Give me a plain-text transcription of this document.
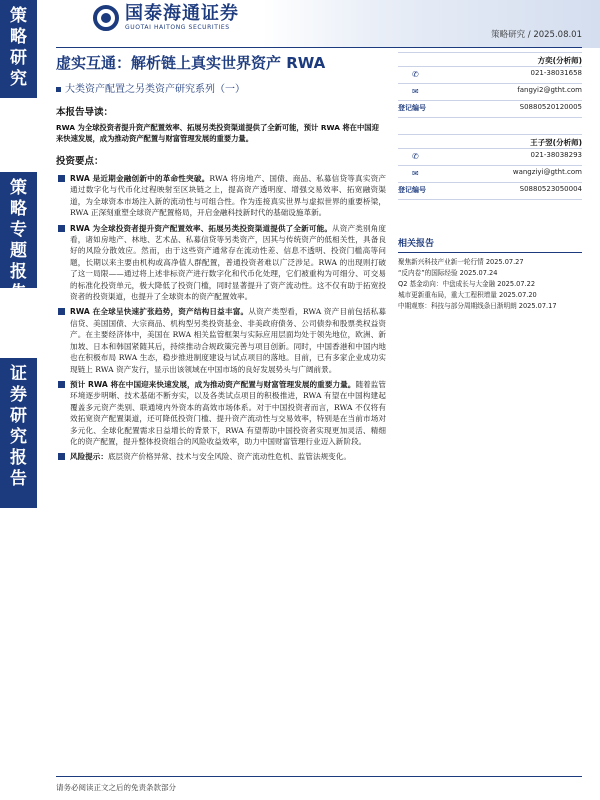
策
略
研
究
策
略
专
题
报
告
证
券
研
究
报
告
国泰海通证券
GUOTAI HAITONG SECURITIES
策略研究 / 2025.08.01
虚实互通：解析链上真实世界资产 RWA
大类资产配置之另类资产研究系列（一）
本报告导读：
RWA 为全球投资者提升资产配置效率、拓展另类投资渠道提供了全新可能，预计 RWA 将在中国迎来快速发展，成为推动资产配置与财富管理发展的重要力量。
投资要点：
RWA 是近期金融创新中的革命性突破。RWA 将房地产、国债、商品、私募信贷等真实资产通过数字化与代币化过程映射至区块链之上，提高资产透明度、增强交易效率、拓宽融资渠道，为全球资本市场注入新的流动性与可组合性。作为连接真实世界与虚拟世界的重要桥梁，RWA 正深刻重塑全球资产配置格局，开启金融科技新时代的基础设施革新。
RWA 为全球投资者提升资产配置效率、拓展另类投资渠道提供了全新可能。从资产类别角度看，诸如房地产、林地、艺术品、私募信贷等另类资产，因其与传统资产的低相关性，具备良好的风险分散效应。然而，由于这些资产通常存在流动性差、信息不透明、投资门槛高等问题，长期以来主要由机构或高净值人群配置，普通投资者难以广泛涉足。RWA 的出现则打破了这一局限——通过将上述非标资产进行数字化和代币化处理，它们被重构为可细分、可交易的标准化投资单元，极大降低了投资门槛，同时显著提升了资产流动性。这不仅有助于拓宽投资者的投资渠道，也提升了全球资本的资产配置效率。
RWA 在全球呈快速扩张趋势，资产结构日益丰富。从资产类型看，RWA 资产目前包括私募信贷、美国国债、大宗商品、机构型另类投资基金、非美政府债务、公司债券和股票类权益资产。在主要经济体中，美国在 RWA 相关监管框架与实际应用层面均处于领先地位，欧洲、新加坡、日本和韩国紧随其后，持续推动合规政策完善与项目创新。同时，中国香港和中国内地也在积极布局 RWA 生态，稳步推进制度建设与试点项目的落地。目前，已有多家企业成功实现链上 RWA 资产发行，显示出该领域在中国市场的良好发展势头与广阔前景。
预计 RWA 将在中国迎来快速发展，成为推动资产配置与财富管理发展的重要力量。随着监管环境逐步明晰、技术基础不断夯实，以及各类试点项目的积极推进，RWA 有望在中国构建起覆盖多元资产类别、联通境内外资本的高效市场体系。对于中国投资者而言，RWA 不仅将有效拓宽资产配置渠道，还可降低投资门槛、提升资产流动性与交易效率，特别是在当前市场对多元化、全球化配置需求日益增长的背景下，RWA 有望帮助中国投资者实现更加灵活、精细化的资产配置，提升整体投资组合的风险收益效率，助力中国财富管理行业迈入新阶段。
风险提示：底层资产价格异常、技术与安全风险、资产流动性危机、监管法规变化。
方奕(分析师)
✆	021-38031658
✉	fangyi2@gtht.com
登记编号	S0880520120005
王子翌(分析师)
✆	021-38038293
✉	wangziyi@gtht.com
登记编号	S0880523050004
相关报告
聚焦新兴科技产业新一轮行情 2025.07.27
“反内卷”的国际经验 2025.07.24
Q2 基金动向：中盘成长与大金融 2025.07.22
城市更新重布局，重大工程积增量 2025.07.20
中期观察：科技与部分周期线条日渐明朗 2025.07.17
请务必阅读正文之后的免责条款部分
